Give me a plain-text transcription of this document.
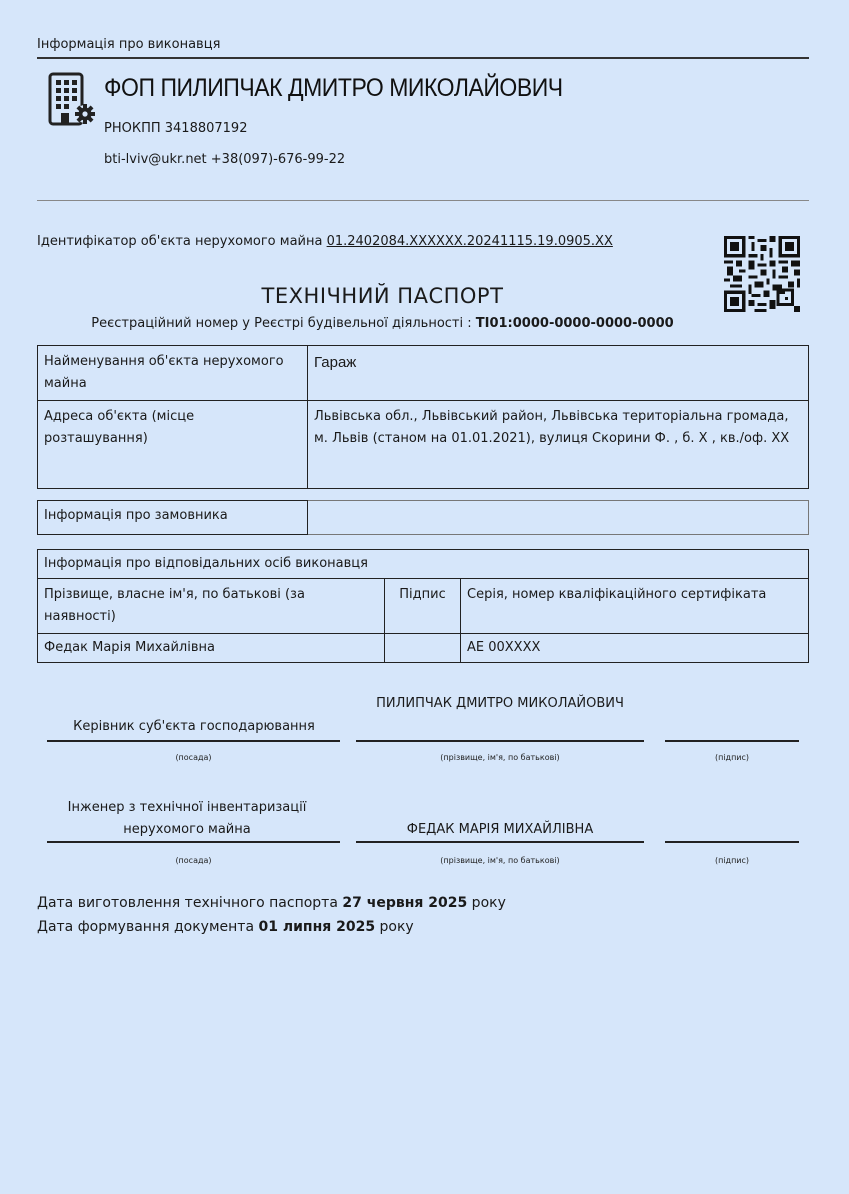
Інформація про виконавця
ФОП ПИЛИПЧАК ДМИТРО МИКОЛАЙОВИЧ
РНОКПП 3418807192
bti-lviv@ukr.net +38(097)-676-99-22
Ідентифікатор об'єкта нерухомого майна 01.2402084.XXXXXX.20241115.19.0905.XX
ТЕХНІЧНИЙ ПАСПОРТ
Реєстраційний номер у Реєстрі будівельної діяльності : ТІ01:0000-0000-0000-0000
Найменування об'єкта нерухомого майна	Гараж
Адреса об'єкта (місце розташування)	Львівська обл., Львівський район, Львівська територіальна громада, м. Львів (станом на 01.01.2021), вулиця Скорини Ф. , б. Х , кв./оф. ХХ
Інформація про замовника	
Інформація про відповідальних осіб виконавця		
Прізвище, власне ім'я, по батькові (за наявності)	Підпис	Серія, номер кваліфікаційного сертифіката
Федак Марія Михайлівна		АЕ 00XXXX
Керівник суб'єкта господарювання
ПИЛИПЧАК ДМИТРО МИКОЛАЙОВИЧ
(посада)	(прізвище, ім'я, по батькові)	(підпис)
Інженер з технічної інвентаризації нерухомого майна	ФЕДАК МАРІЯ МИХАЙЛІВНА
(посада)	(прізвище, ім'я, по батькові)	(підпис)
Дата виготовлення технічного паспорта 27 червня 2025 року
Дата формування документа 01 липня 2025 року
